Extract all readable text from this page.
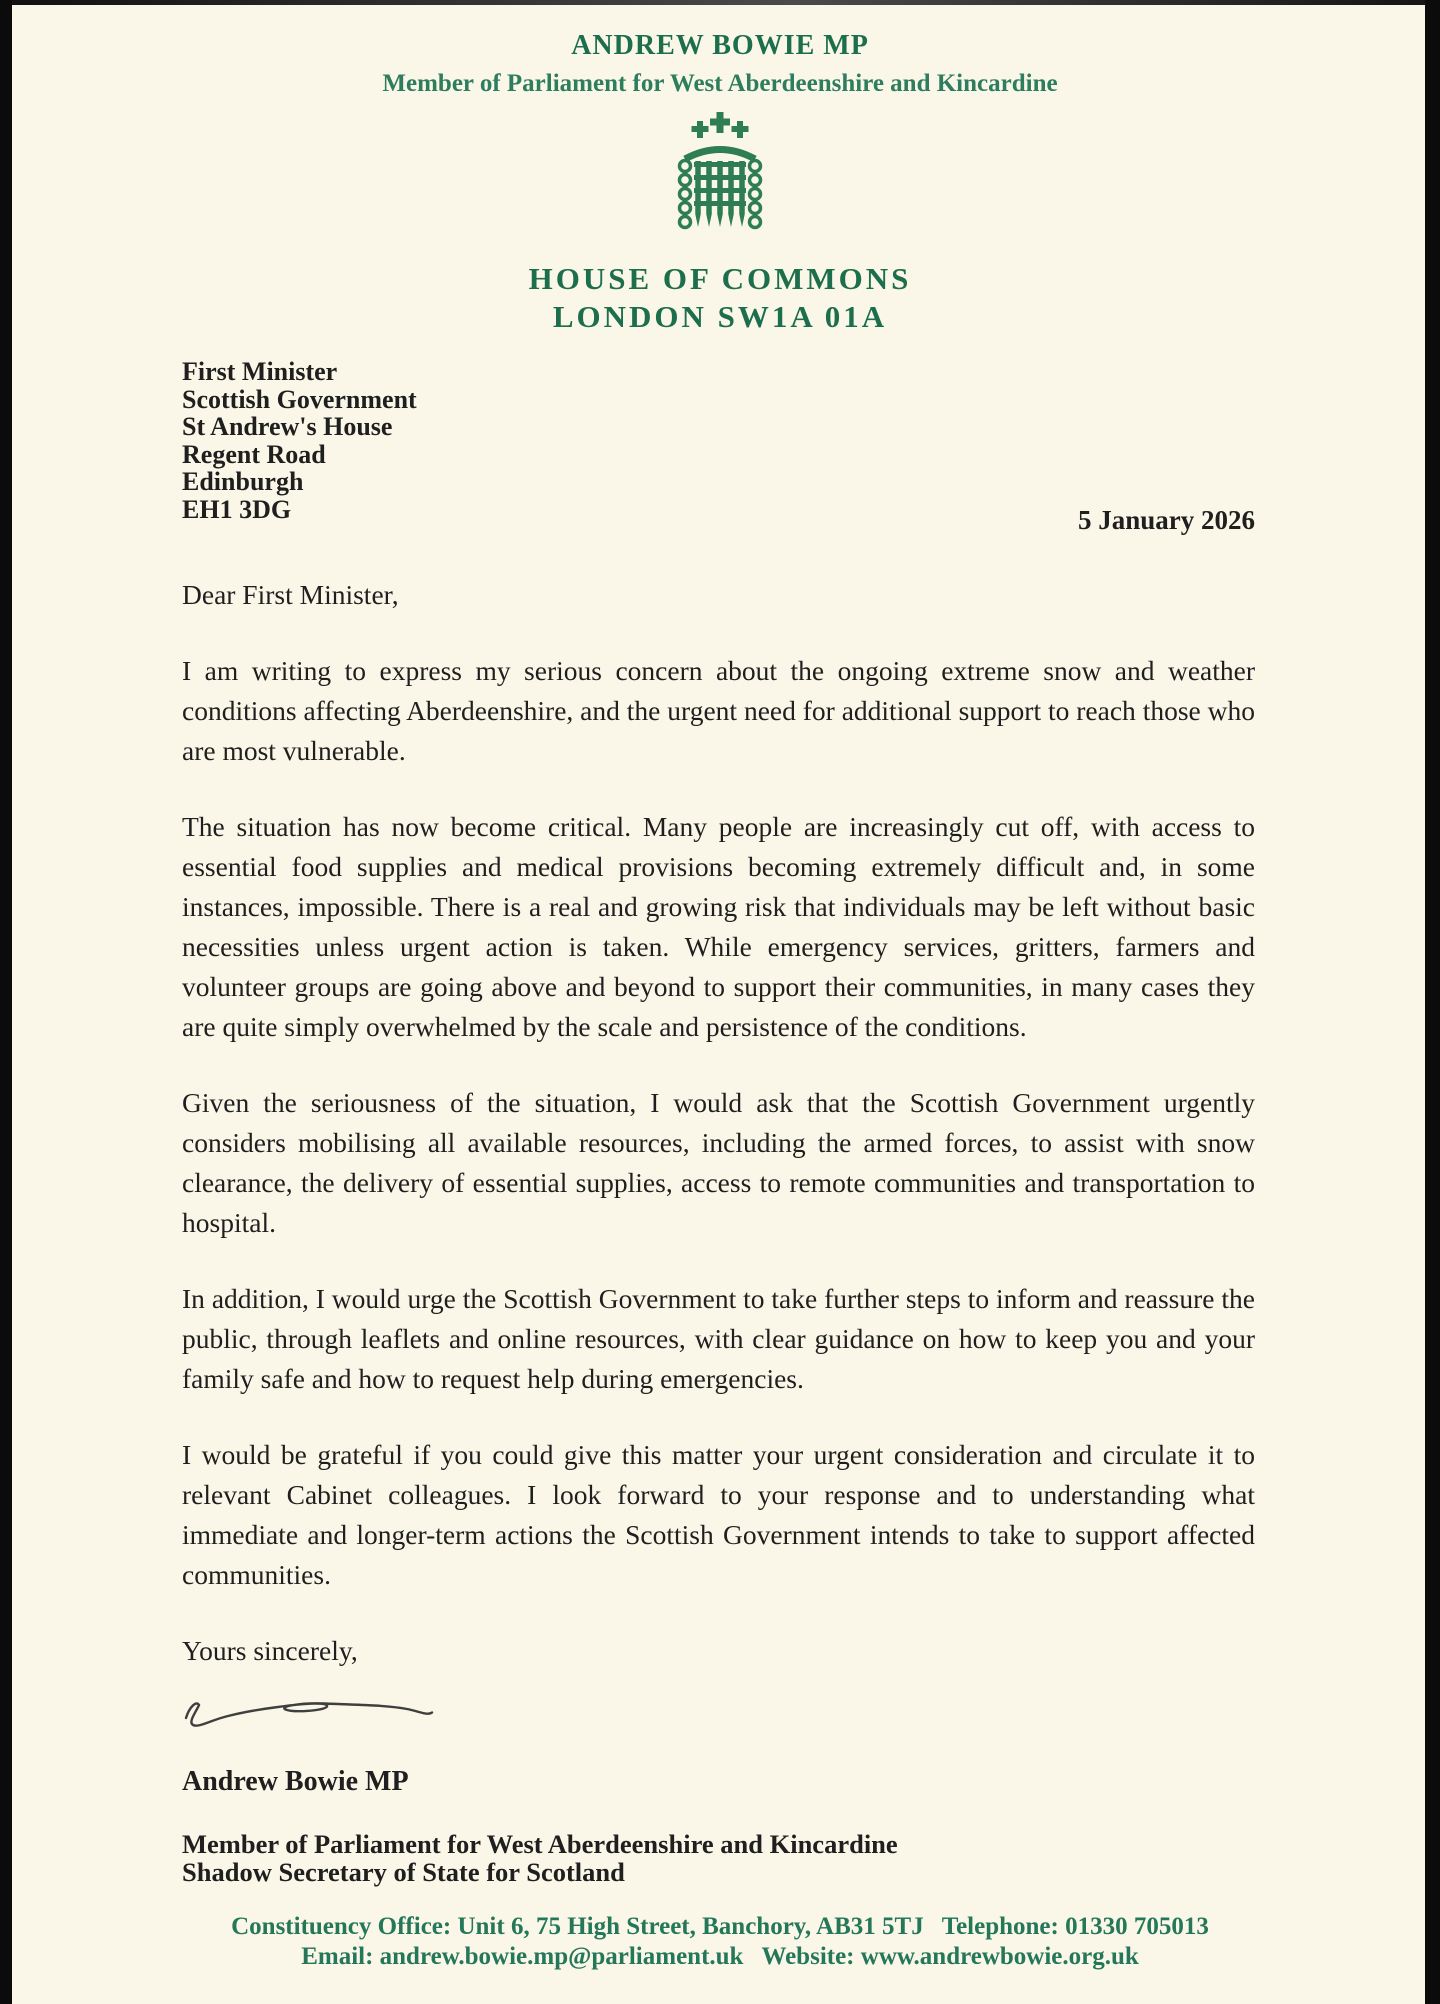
ANDREW BOWIE MP
Member of Parliament for West Aberdeenshire and Kincardine
HOUSE OF COMMONS
LONDON SW1A 01A
First Minister
Scottish Government
St Andrew's House
Regent Road
Edinburgh
EH1 3DG	5 January 2026

Dear First Minister,

I am writing to express my serious concern about the ongoing extreme snow and weather conditions affecting Aberdeenshire, and the urgent need for additional support to reach those who are most vulnerable.

The situation has now become critical. Many people are increasingly cut off, with access to essential food supplies and medical provisions becoming extremely difficult and, in some instances, impossible. There is a real and growing risk that individuals may be left without basic necessities unless urgent action is taken. While emergency services, gritters, farmers and volunteer groups are going above and beyond to support their communities, in many cases they are quite simply overwhelmed by the scale and persistence of the conditions.

Given the seriousness of the situation, I would ask that the Scottish Government urgently considers mobilising all available resources, including the armed forces, to assist with snow clearance, the delivery of essential supplies, access to remote communities and transportation to hospital.

In addition, I would urge the Scottish Government to take further steps to inform and reassure the public, through leaflets and online resources, with clear guidance on how to keep you and your family safe and how to request help during emergencies.

I would be grateful if you could give this matter your urgent consideration and circulate it to relevant Cabinet colleagues. I look forward to your response and to understanding what immediate and longer-term actions the Scottish Government intends to take to support affected communities.

Yours sincerely,

Andrew Bowie MP
Member of Parliament for West Aberdeenshire and Kincardine
Shadow Secretary of State for Scotland
Constituency Office: Unit 6, 75 High Street, Banchory, AB31 5TJ Telephone: 01330 705013
Email: andrew.bowie.mp@parliament.uk Website: www.andrewbowie.org.uk
